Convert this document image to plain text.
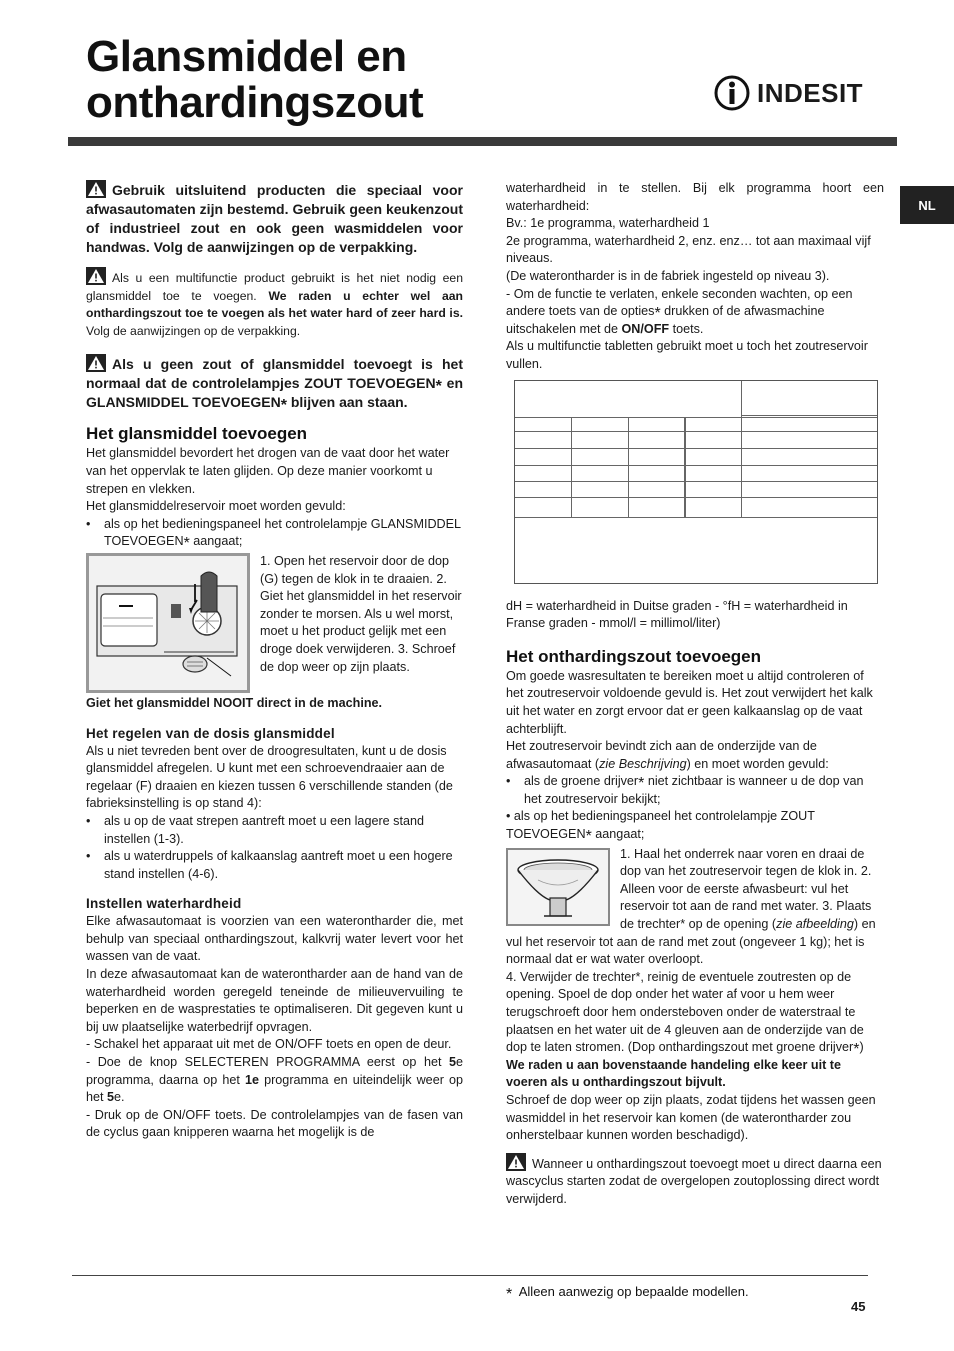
Glansmiddel en
onthardingszout	INDESIT
NL

Gebruik uitsluitend producten die speciaal voor afwasautomaten zijn bestemd. Gebruik geen keukenzout of industrieel zout en ook geen wasmiddelen voor handwas. Volg de aanwijzingen op de verpakking.

Als u een multifunctie product gebruikt is het niet nodig een glansmiddel toe te voegen. We raden u echter wel aan onthardingszout toe te voegen als het water hard of zeer hard is. Volg de aanwijzingen op de verpakking.

Als u geen zout of glansmiddel toevoegt is het normaal dat de controlelampjes ZOUT TOEVOEGEN* en GLANSMIDDEL TOEVOEGEN* blijven aan staan.

Het glansmiddel toevoegen

Het glansmiddel bevordert het drogen van de vaat door het water van het oppervlak te laten glijden. Op deze manier voorkomt u strepen en vlekken.

Het glansmiddelreservoir moet worden gevuld:

•	als op het bedieningspaneel het controlelampje GLANSMIDDEL TOEVOEGEN* aangaat;

1. Open het reservoir door de dop (G) tegen de klok in te draaien. 2. Giet het glansmiddel in het reservoir zonder te morsen. Als u wel morst, moet u het product gelijk met een droge doek verwijderen. 3. Schroef de dop weer op zijn plaats.

Giet het glansmiddel NOOIT direct in de machine.

Het regelen van de dosis glansmiddel

Als u niet tevreden bent over de droogresultaten, kunt u de dosis glansmiddel afregelen. U kunt met een schroevendraaier aan de regelaar (F) draaien en kiezen tussen 6 verschillende standen (de fabrieksinstelling is op stand 4):

•	als u op de vaat strepen aantreft moet u een lagere stand instellen (1-3).
•	als u waterdruppels of kalkaanslag aantreft moet u een hogere stand instellen (4-6).
Instellen waterhardheid

Elke afwasautomaat is voorzien van een waterontharder die, met behulp van speciaal onthardingszout, kalkvrij water levert voor het wassen van de vaat.

In deze afwasautomaat kan de waterontharder aan de hand van de waterhardheid worden geregeld teneinde de milieuvervuiling te beperken en de wasprestaties te optimaliseren. Dit gegeven kunt u bij uw plaatselijke waterbedrijf opvragen.

- Schakel het apparaat uit met de ON/OFF toets en open de deur.

- Doe de knop SELECTEREN PROGRAMMA eerst op het 5e programma, daarna op het 1e programma en uiteindelijk weer op het 5e.

- Druk op de ON/OFF toets. De controlelampjes van de fasen van de cyclus gaan knipperen waarna het mogelijk is de

waterhardheid in te stellen. Bij elk programma hoort een waterhardheid:

Bv.: 1e programma, waterhardheid 1

2e programma, waterhardheid 2, enz. enz… tot aan maximaal vijf niveaus.

(De waterontharder is in de fabriek ingesteld op niveau 3).

- Om de functie te verlaten, enkele seconden wachten, op een andere toets van de opties* drukken of de afwasmachine uitschakelen met de ON/OFF toets.

Als u multifunctie tabletten gebruikt moet u toch het zoutreservoir vullen.

dH = waterhardheid in Duitse graden - °fH = waterhardheid in Franse graden - mmol/l = millimol/liter)

Het onthardingszout toevoegen

Om goede wasresultaten te bereiken moet u altijd controleren of het zoutreservoir voldoende gevuld is. Het zout verwijdert het kalk uit het water en zorgt ervoor dat er geen kalkaanslag op de vaat achterblijft.

Het zoutreservoir bevindt zich aan de onderzijde van de afwasautomaat (zie Beschrijving) en moet worden gevuld:

•	als de groene drijver* niet zichtbaar is wanneer u de dop van het zoutreservoir bekijkt;

• als op het bedieningspaneel het controlelampje ZOUT TOEVOEGEN* aangaat;

1. Haal het onderrek naar voren en draai de dop van het zoutreservoir tegen de klok in. 2. Alleen voor de eerste afwasbeurt: vul het reservoir tot aan de rand met water. 3. Plaats de trechter* op de opening (zie afbeelding) en vul het reservoir tot aan de rand met zout (ongeveer 1 kg); het is normaal dat er wat water overloopt.

4. Verwijder de trechter*, reinig de eventuele zoutresten op de opening. Spoel de dop onder het water af voor u hem weer terugschroeft door hem ondersteboven onder de waterstraal te plaatsen en het water uit de 4 gleuven aan de onderzijde van de dop te laten stromen. (Dop onthardingszout met groene drijver*)

We raden u aan bovenstaande handeling elke keer uit te voeren als u onthardingszout bijvult.

Schroef de dop weer op zijn plaats, zodat tijdens het wassen geen wasmiddel in het reservoir kan komen (de waterontharder zou onherstelbaar kunnen worden beschadigd).

Wanneer u onthardingszout toevoegt moet u direct daarna een wascyclus starten zodat de overgelopen zoutoplossing direct wordt verwijderd.

* Alleen aanwezig op bepaalde modellen.
45
